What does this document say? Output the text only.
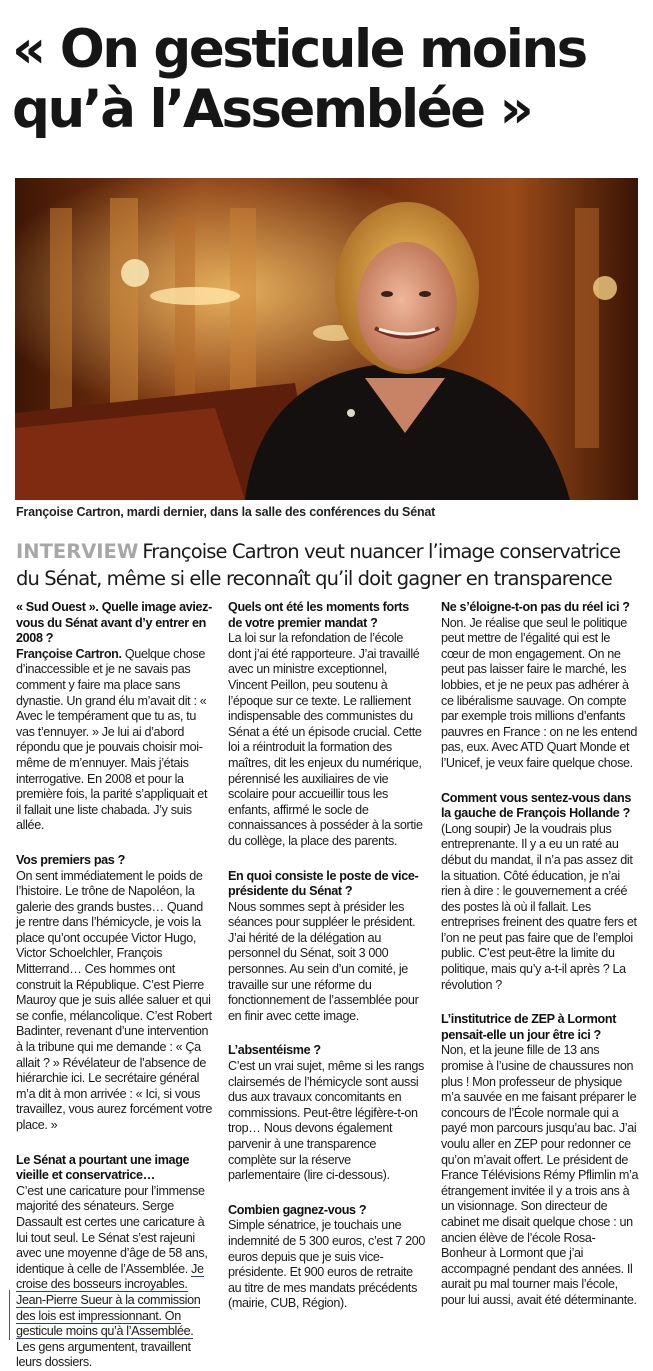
« On gesticule moins
qu’à l’Assemblée »
Françoise Cartron, mardi dernier, dans la salle des conférences du Sénat
INTERVIEW Françoise Cartron veut nuancer l’image conservatrice du Sénat, même si elle reconnaît qu’il doit gagner en transparence

« Sud Ouest ». Quelle image aviez-vous du Sénat avant d’y entrer en 2008 ?

Françoise Cartron. Quelque chose d’inaccessible et je ne savais pas comment y faire ma place sans dynastie. Un grand élu m’avait dit : « Avec le tempérament que tu as, tu vas t’ennuyer. » Je lui ai d’abord répondu que je pouvais choisir moi-même de m’ennuyer. Mais j’étais interrogative. En 2008 et pour la première fois, la parité s’appliquait et il fallait une liste chabada. J’y suis allée.

Vos premiers pas ?

On sent immédiatement le poids de l’histoire. Le trône de Napoléon, la galerie des grands bustes… Quand je rentre dans l’hémicycle, je vois la place qu’ont occupée Victor Hugo, Victor Schoelchler, François Mitterrand… Ces hommes ont construit la République. C’est Pierre Mauroy que je suis allée saluer et qui se confie, mélancolique. C’est Robert Badinter, revenant d’une intervention à la tribune qui me demande : « Ça allait ? » Révélateur de l’absence de hiérarchie ici. Le secrétaire général m’a dit à mon arrivée : « Ici, si vous travaillez, vous aurez forcément votre place. »

Le Sénat a pourtant une image vieille et conservatrice…

C’est une caricature pour l’immense majorité des sénateurs. Serge Dassault est certes une caricature à lui tout seul. Le Sénat s’est rajeuni avec une moyenne d’âge de 58 ans, identique à celle de l’Assemblée. Je croise des bosseurs incroyables. Jean-Pierre Sueur à la commission des lois est impressionnant. On gesticule moins qu’à l’Assemblée. Les gens argumentent, travaillent leurs dossiers.

Quels ont été les moments forts de votre premier mandat ?

La loi sur la refondation de l’école dont j’ai été rapporteure. J’ai travaillé avec un ministre exceptionnel, Vincent Peillon, peu soutenu à l’époque sur ce texte. Le ralliement indispensable des communistes du Sénat a été un épisode crucial. Cette loi a réintroduit la formation des maîtres, dit les enjeux du numérique, pérennisé les auxiliaires de vie scolaire pour accueillir tous les enfants, affirmé le socle de connaissances à posséder à la sortie du collège, la place des parents.

En quoi consiste le poste de vice-présidente du Sénat ?

Nous sommes sept à présider les séances pour suppléer le président. J’ai hérité de la délégation au personnel du Sénat, soit 3 000 personnes. Au sein d’un comité, je travaille sur une réforme du fonctionnement de l’assemblée pour en finir avec cette image.

L’absentéisme ?

C’est un vrai sujet, même si les rangs clairsemés de l’hémicycle sont aussi dus aux travaux concomitants en commissions. Peut-être légifère-t-on trop… Nous devons également parvenir à une transparence complète sur la réserve parlementaire (lire ci-dessous).

Combien gagnez-vous ?

Simple sénatrice, je touchais une indemnité de 5 300 euros, c’est 7 200 euros depuis que je suis vice-présidente. Et 900 euros de retraite au titre de mes mandats précédents (mairie, CUB, Région).

Ne s’éloigne-t-on pas du réel ici ?

Non. Je réalise que seul le politique peut mettre de l’égalité qui est le cœur de mon engagement. On ne peut pas laisser faire le marché, les lobbies, et je ne peux pas adhérer à ce libéralisme sauvage. On compte par exemple trois millions d’enfants pauvres en France : on ne les entend pas, eux. Avec ATD Quart Monde et l’Unicef, je veux faire quelque chose.

Comment vous sentez-vous dans la gauche de François Hollande ?

(Long soupir) Je la voudrais plus entreprenante. Il y a eu un raté au début du mandat, il n’a pas assez dit la situation. Côté éducation, je n’ai rien à dire : le gouvernement a créé des postes là où il fallait. Les entreprises freinent des quatre fers et l’on ne peut pas faire que de l’emploi public. C’est peut-être la limite du politique, mais qu’y a-t-il après ? La révolution ?

L’institutrice de ZEP à Lormont pensait-elle un jour être ici ?

Non, et la jeune fille de 13 ans promise à l’usine de chaussures non plus ! Mon professeur de physique m’a sauvée en me faisant préparer le concours de l’École normale qui a payé mon parcours jusqu’au bac. J’ai voulu aller en ZEP pour redonner ce qu’on m’avait offert. Le président de France Télévisions Rémy Pflimlin m’a étrangement invitée il y a trois ans à un visionnage. Son directeur de cabinet me disait quelque chose : un ancien élève de l’école Rosa-Bonheur à Lormont que j’ai accompagné pendant des années. Il aurait pu mal tourner mais l’école, pour lui aussi, avait été déterminante.
